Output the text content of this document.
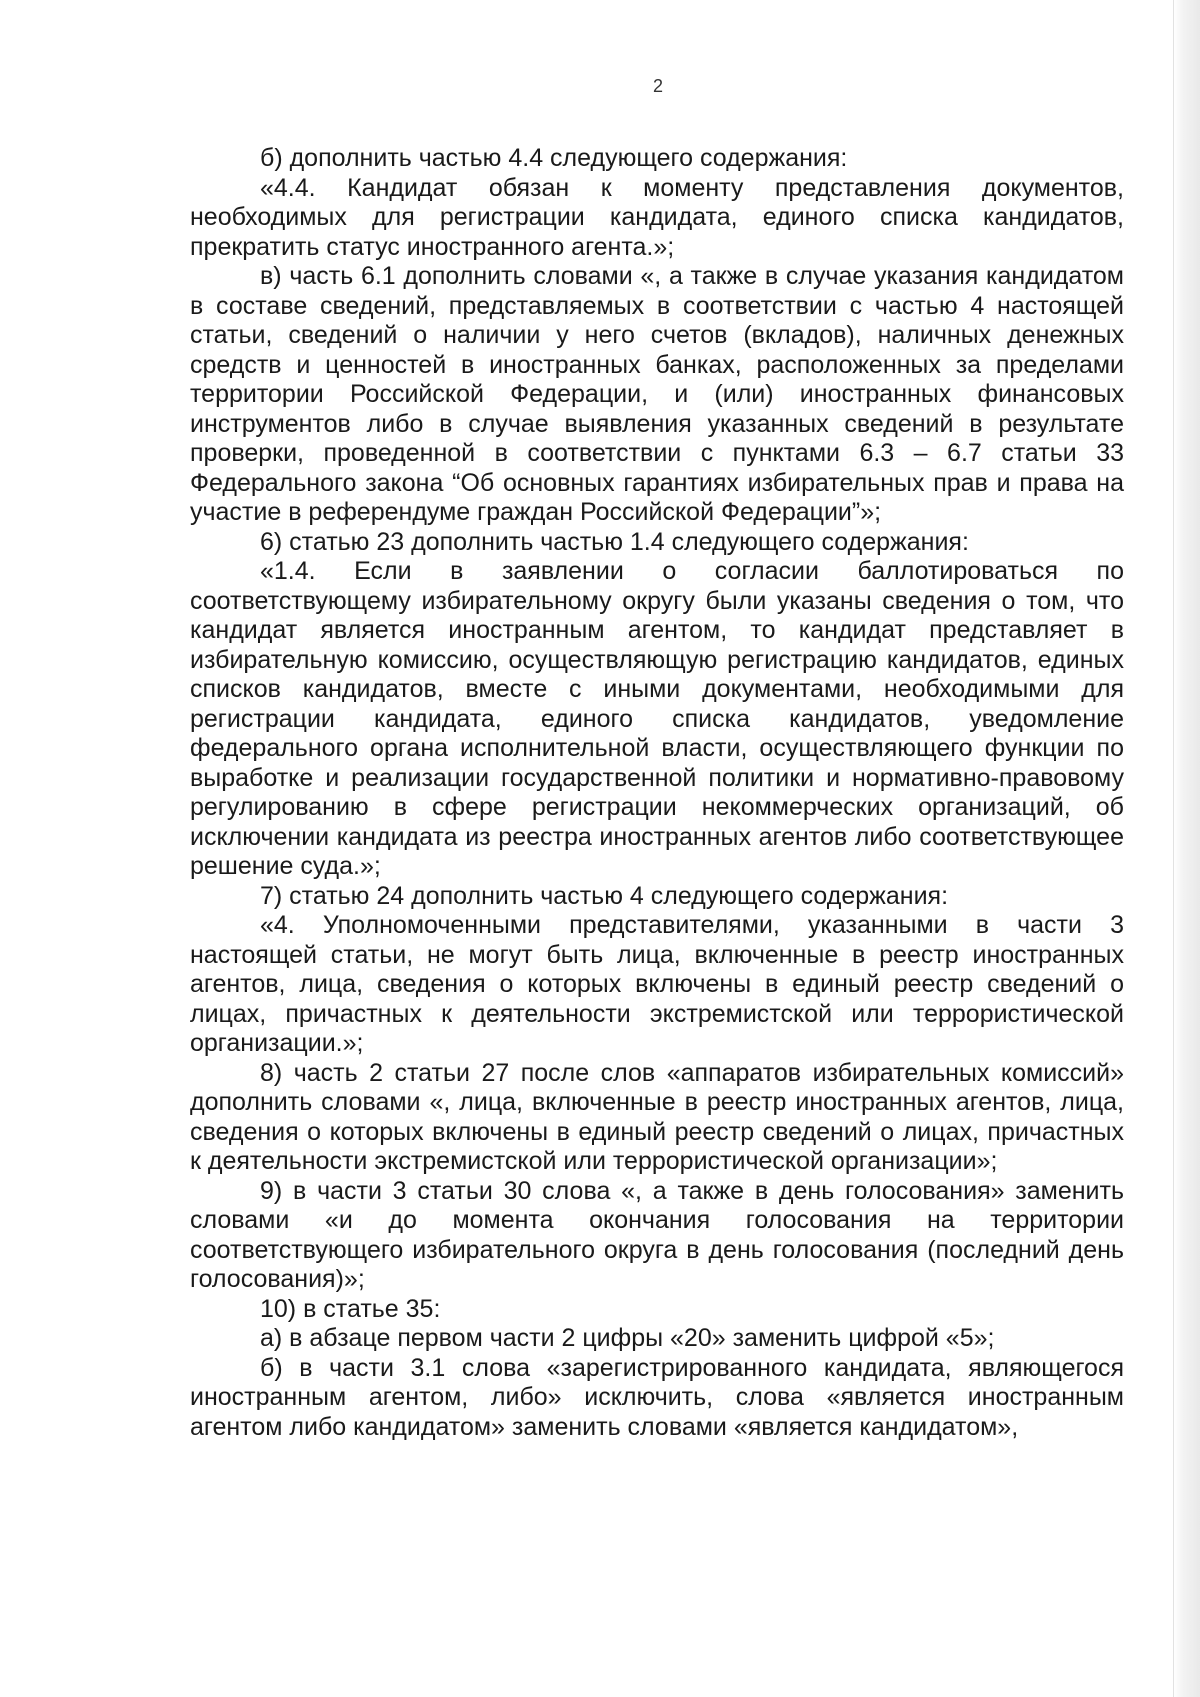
2

б) дополнить частью 4.4 следующего содержания:

«4.4. Кандидат обязан к моменту представления документов, необходимых для регистрации кандидата, единого списка кандидатов, прекратить статус иностранного агента.»;

в) часть 6.1 дополнить словами «, а также в случае указания кандидатом в составе сведений, представляемых в соответствии с частью 4 настоящей статьи, сведений о наличии у него счетов (вкладов), наличных денежных средств и ценностей в иностранных банках, расположенных за пределами территории Российской Федерации, и (или) иностранных финансовых инструментов либо в случае выявления указанных сведений в результате проверки, проведенной в соответствии с пунктами 6.3 – 6.7 статьи 33 Федерального закона “Об основных гарантиях избирательных прав и права на участие в референдуме граждан Российской Федерации”»;

6) статью 23 дополнить частью 1.4 следующего содержания:

«1.4. Если в заявлении о согласии баллотироваться по соответствующему избирательному округу были указаны сведения о том, что кандидат является иностранным агентом, то кандидат представляет в избирательную комиссию, осуществляющую регистрацию кандидатов, единых списков кандидатов, вместе с иными документами, необходимыми для регистрации кандидата, единого списка кандидатов, уведомление федерального органа исполнительной власти, осуществляющего функции по выработке и реализации государственной политики и нормативно-правовому регулированию в сфере регистрации некоммерческих организаций, об исключении кандидата из реестра иностранных агентов либо соответствующее решение суда.»;

7) статью 24 дополнить частью 4 следующего содержания:

«4. Уполномоченными представителями, указанными в части 3 настоящей статьи, не могут быть лица, включенные в реестр иностранных агентов, лица, сведения о которых включены в единый реестр сведений о лицах, причастных к деятельности экстремистской или террористической организации.»;

8) часть 2 статьи 27 после слов «аппаратов избирательных комиссий» дополнить словами «, лица, включенные в реестр иностранных агентов, лица, сведения о которых включены в единый реестр сведений о лицах, причастных к деятельности экстремистской или террористической организации»;

9) в части 3 статьи 30 слова «, а также в день голосования» заменить словами «и до момента окончания голосования на территории соответствующего избирательного округа в день голосования (последний день голосования)»;

10) в статье 35:

а) в абзаце первом части 2 цифры «20» заменить цифрой «5»;

б) в части 3.1 слова «зарегистрированного кандидата, являющегося иностранным агентом, либо» исключить, слова «является иностранным агентом либо кандидатом» заменить словами «является кандидатом»,
